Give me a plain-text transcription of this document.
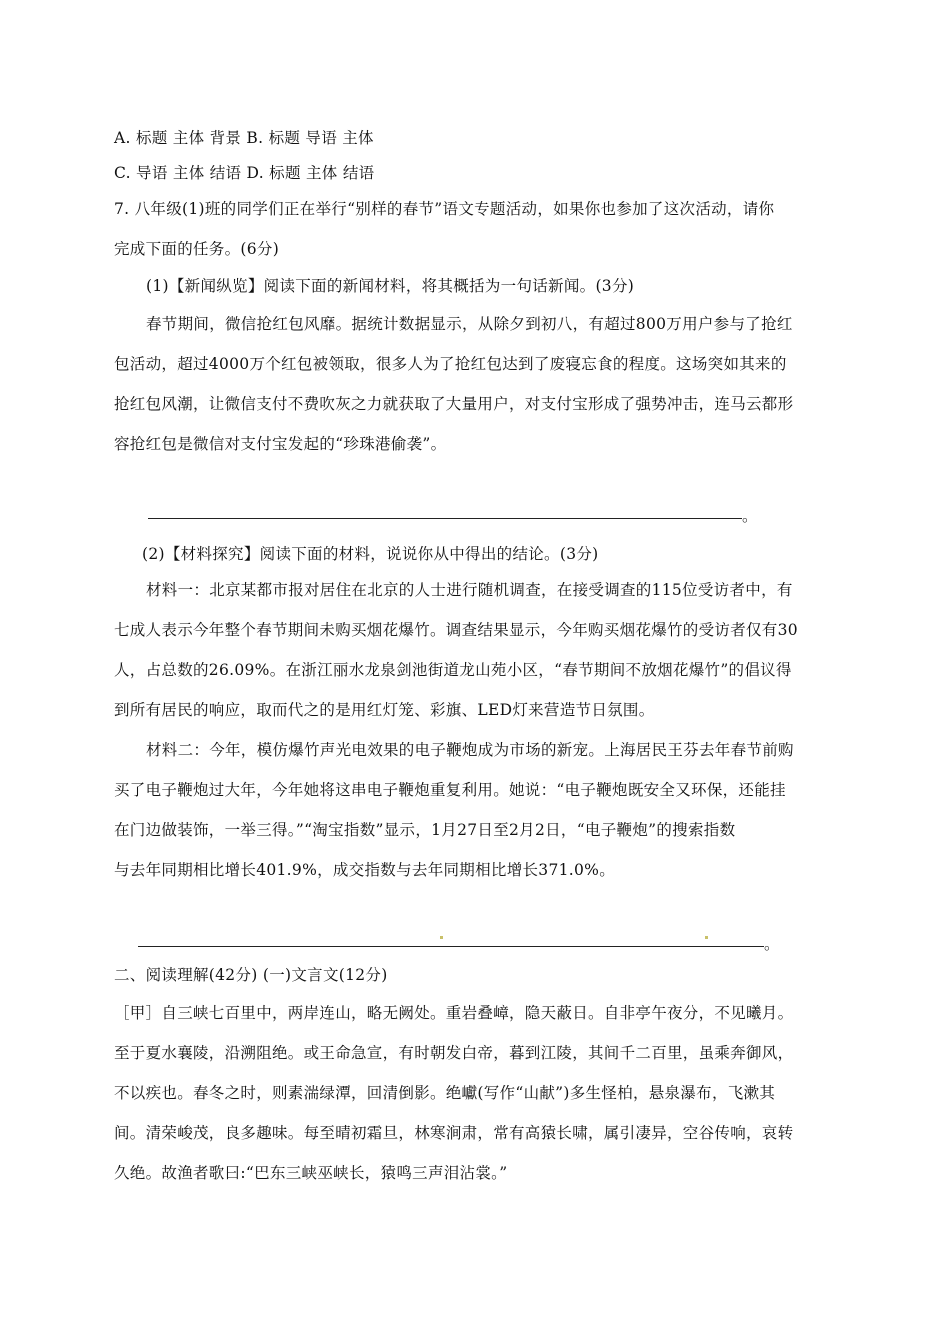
A. 标题 主体 背景 B. 标题 导语 主体
C. 导语 主体 结语 D. 标题 主体 结语
7. 八年级(1)班的同学们正在举行“别样的春节”语文专题活动，如果你也参加了这次活动，请你
完成下面的任务。(6分)
(1)【新闻纵览】阅读下面的新闻材料，将其概括为一句话新闻。(3分)
春节期间，微信抢红包风靡。据统计数据显示，从除夕到初八，有超过800万用户参与了抢红
包活动，超过4000万个红包被领取，很多人为了抢红包达到了废寝忘食的程度。这场突如其来的
抢红包风潮，让微信支付不费吹灰之力就获取了大量用户，对支付宝形成了强势冲击，连马云都形
容抢红包是微信对支付宝发起的“珍珠港偷袭”。
。
(2)【材料探究】阅读下面的材料，说说你从中得出的结论。(3分)
材料一：北京某都市报对居住在北京的人士进行随机调查，在接受调查的115位受访者中，有
七成人表示今年整个春节期间未购买烟花爆竹。调查结果显示，今年购买烟花爆竹的受访者仅有30
人，占总数的26.09%。在浙江丽水龙泉剑池街道龙山苑小区，“春节期间不放烟花爆竹”的倡议得
到所有居民的响应，取而代之的是用红灯笼、彩旗、LED灯来营造节日氛围。
材料二：今年，模仿爆竹声光电效果的电子鞭炮成为市场的新宠。上海居民王芬去年春节前购
买了电子鞭炮过大年，今年她将这串电子鞭炮重复利用。她说：“电子鞭炮既安全又环保，还能挂
在门边做装饰，一举三得。”“淘宝指数”显示，1月27日至2月2日，“电子鞭炮”的搜索指数
与去年同期相比增长401.9%，成交指数与去年同期相比增长371.0%。
。
二、阅读理解(42分) (一)文言文(12分)
［甲］自三峡七百里中，两岸连山，略无阙处。重岩叠嶂，隐天蔽日。自非亭午夜分，不见曦月。
至于夏水襄陵，沿溯阻绝。或王命急宣，有时朝发白帝，暮到江陵，其间千二百里，虽乘奔御风，
不以疾也。春冬之时，则素湍绿潭，回清倒影。绝巘(写作“山献”)多生怪柏，悬泉瀑布，飞漱其
间。清荣峻茂，良多趣味。每至晴初霜旦，林寒涧肃，常有高猿长啸，属引凄异，空谷传响，哀转
久绝。故渔者歌曰:“巴东三峡巫峡长，猿鸣三声泪沾裳。”
